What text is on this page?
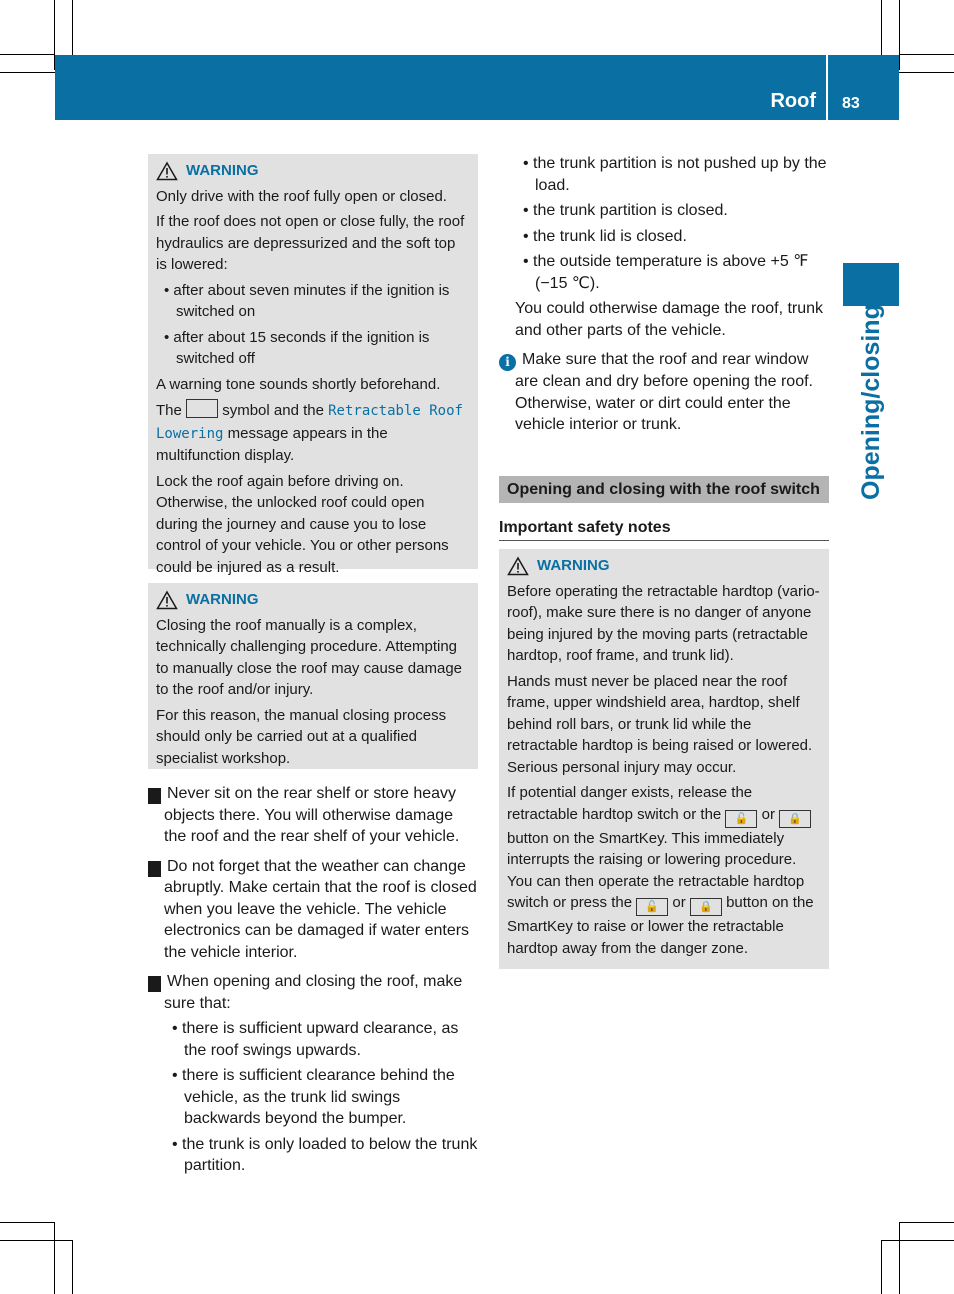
Roof 83
Opening/closing
WARNING

Only drive with the roof fully open or closed.

If the roof does not open or close fully, the roof hydraulics are depressurized and the soft top is lowered:

• after about seven minutes if the ignition is switched on
• after about 15 seconds if the ignition is switched off

A warning tone sounds shortly beforehand.

The	symbol and the Retractable Roof Lowering message appears in the multifunction display.

Lock the roof again before driving on. Otherwise, the unlocked roof could open during the journey and cause you to lose control of your vehicle. You or other persons could be injured as a result.

WARNING

Closing the roof manually is a complex, technically challenging procedure. Attempting to manually close the roof may cause damage to the roof and/or injury.

For this reason, the manual closing process should only be carried out at a qualified specialist workshop.

! Never sit on the rear shelf or store heavy objects there. You will otherwise damage the roof and the rear shelf of your vehicle.
! Do not forget that the weather can change abruptly. Make certain that the roof is closed when you leave the vehicle. The vehicle electronics can be damaged if water enters the vehicle interior.
! When opening and closing the roof, make sure that:
• there is sufficient upward clearance, as the roof swings upwards.
• there is sufficient clearance behind the vehicle, as the trunk lid swings backwards beyond the bumper.
• the trunk is only loaded to below the trunk partition.
• the trunk partition is not pushed up by the load.
• the trunk partition is closed.
• the trunk lid is closed.
• the outside temperature is above +5 ℉ (−15 ℃).

You could otherwise damage the roof, trunk and other parts of the vehicle.

i Make sure that the roof and rear window are clean and dry before opening the roof. Otherwise, water or dirt could enter the vehicle interior or trunk.
Opening and closing with the roof switch
Important safety notes
WARNING

Before operating the retractable hardtop (vario-roof), make sure there is no danger of anyone being injured by the moving parts (retractable hardtop, roof frame, and trunk lid).

Hands must never be placed near the roof frame, upper windshield area, hardtop, shelf behind roll bars, or trunk lid while the retractable hardtop is being raised or lowered. Serious personal injury may occur.

If potential danger exists, release the retractable hardtop switch or the 🔓 or 🔒 button on the SmartKey. This immediately interrupts the raising or lowering procedure. You can then operate the retractable hardtop switch or press the 🔓 or 🔒 button on the SmartKey to raise or lower the retractable hardtop away from the danger zone.
